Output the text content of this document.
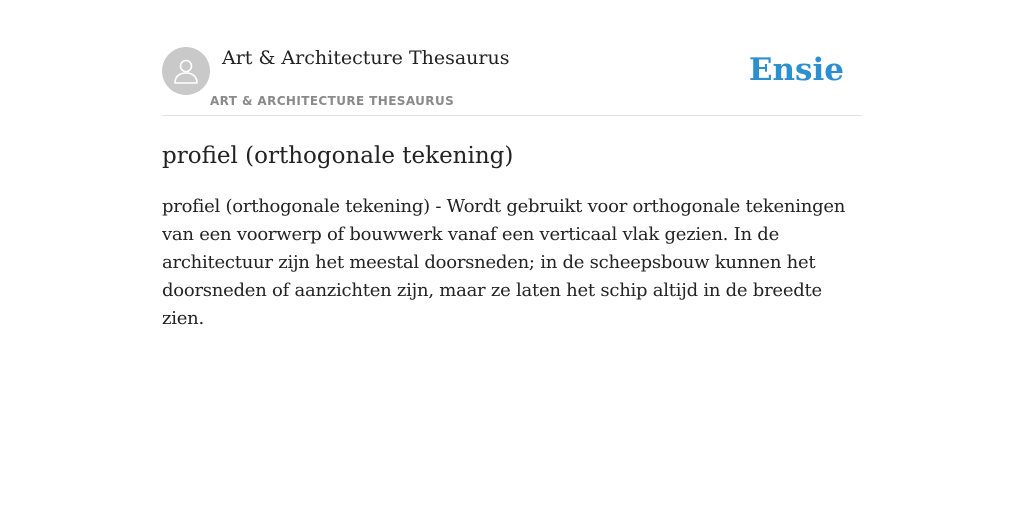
Art & Architecture Thesaurus
ART & ARCHITECTURE THESAURUS
Ensie
profiel (orthogonale tekening)

profiel (orthogonale tekening) - Wordt gebruikt voor orthogonale tekeningen van een voorwerp of bouwwerk vanaf een verticaal vlak gezien. In de architectuur zijn het meestal doorsneden; in de scheepsbouw kunnen het doorsneden of aanzichten zijn, maar ze laten het schip altijd in de breedte zien.
